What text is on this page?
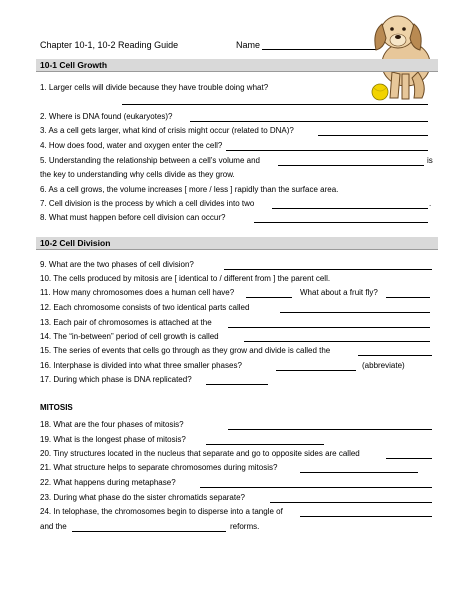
Chapter 10-1, 10-2 Reading Guide	Name
10-1 Cell Growth
1. Larger cells will divide because they have trouble doing what?
2. Where is DNA found (eukaryotes)?
3. As a cell gets larger, what kind of crisis might occur (related to DNA)?
4. How does food, water and oxygen enter the cell?
5. Understanding the relationship between a cell’s volume and	is
the key to understanding why cells divide as they grow.
6. As a cell grows, the volume increases [ more / less ] rapidly than the surface area.
7. Cell division is the process by which a cell divides into two	.
8. What must happen before cell division can occur?
10-2 Cell Division
9. What are the two phases of cell division?
10. The cells produced by mitosis are [ identical to / different from ] the parent cell.
11. How many chromosomes does a human cell have?	What about a fruit fly?
12. Each chromosome consists of two identical parts called
13. Each pair of chromosomes is attached at the
14. The “in-between” period of cell growth is called
15. The series of events that cells go through as they grow and divide is called the
16. Interphase is divided into what three smaller phases?	(abbreviate)
17. During which phase is DNA replicated?
MITOSIS
18. What are the four phases of mitosis?
19. What is the longest phase of mitosis?
20. Tiny structures located in the nucleus that separate and go to opposite sides are called
21. What structure helps to separate chromosomes during mitosis?
22. What happens during metaphase?
23. During what phase do the sister chromatids separate?
24. In telophase, the chromosomes begin to disperse into a tangle of
and the	reforms.
